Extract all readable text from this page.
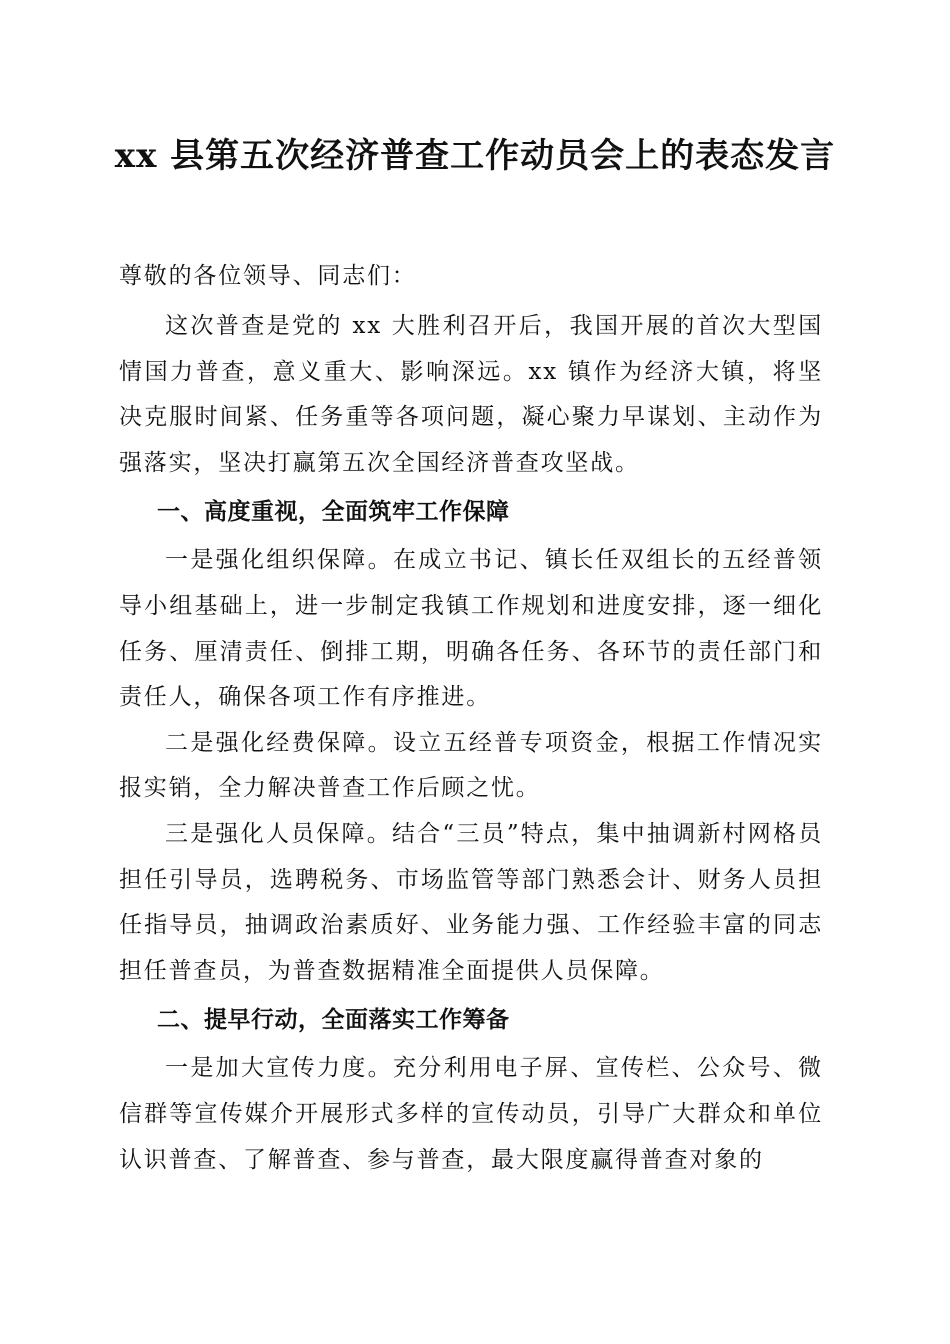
xx 县第五次经济普查工作动员会上的表态发言

尊敬的各位领导、同志们：

这次普查是党的 xx 大胜利召开后，我国开展的首次大型国情国力普查，意义重大、影响深远。xx 镇作为经济大镇，将坚决克服时间紧、任务重等各项问题，凝心聚力早谋划、主动作为强落实，坚决打赢第五次全国经济普查攻坚战。

一、高度重视，全面筑牢工作保障

一是强化组织保障。在成立书记、镇长任双组长的五经普领导小组基础上，进一步制定我镇工作规划和进度安排，逐一细化任务、厘清责任、倒排工期，明确各任务、各环节的责任部门和责任人，确保各项工作有序推进。

二是强化经费保障。设立五经普专项资金，根据工作情况实报实销，全力解决普查工作后顾之忧。

三是强化人员保障。结合“三员”特点，集中抽调新村网格员担任引导员，选聘税务、市场监管等部门熟悉会计、财务人员担任指导员，抽调政治素质好、业务能力强、工作经验丰富的同志担任普查员，为普查数据精准全面提供人员保障。

二、提早行动，全面落实工作筹备

一是加大宣传力度。充分利用电子屏、宣传栏、公众号、微信群等宣传媒介开展形式多样的宣传动员，引导广大群众和单位认识普查、了解普查、参与普查，最大限度赢得普查对象的
